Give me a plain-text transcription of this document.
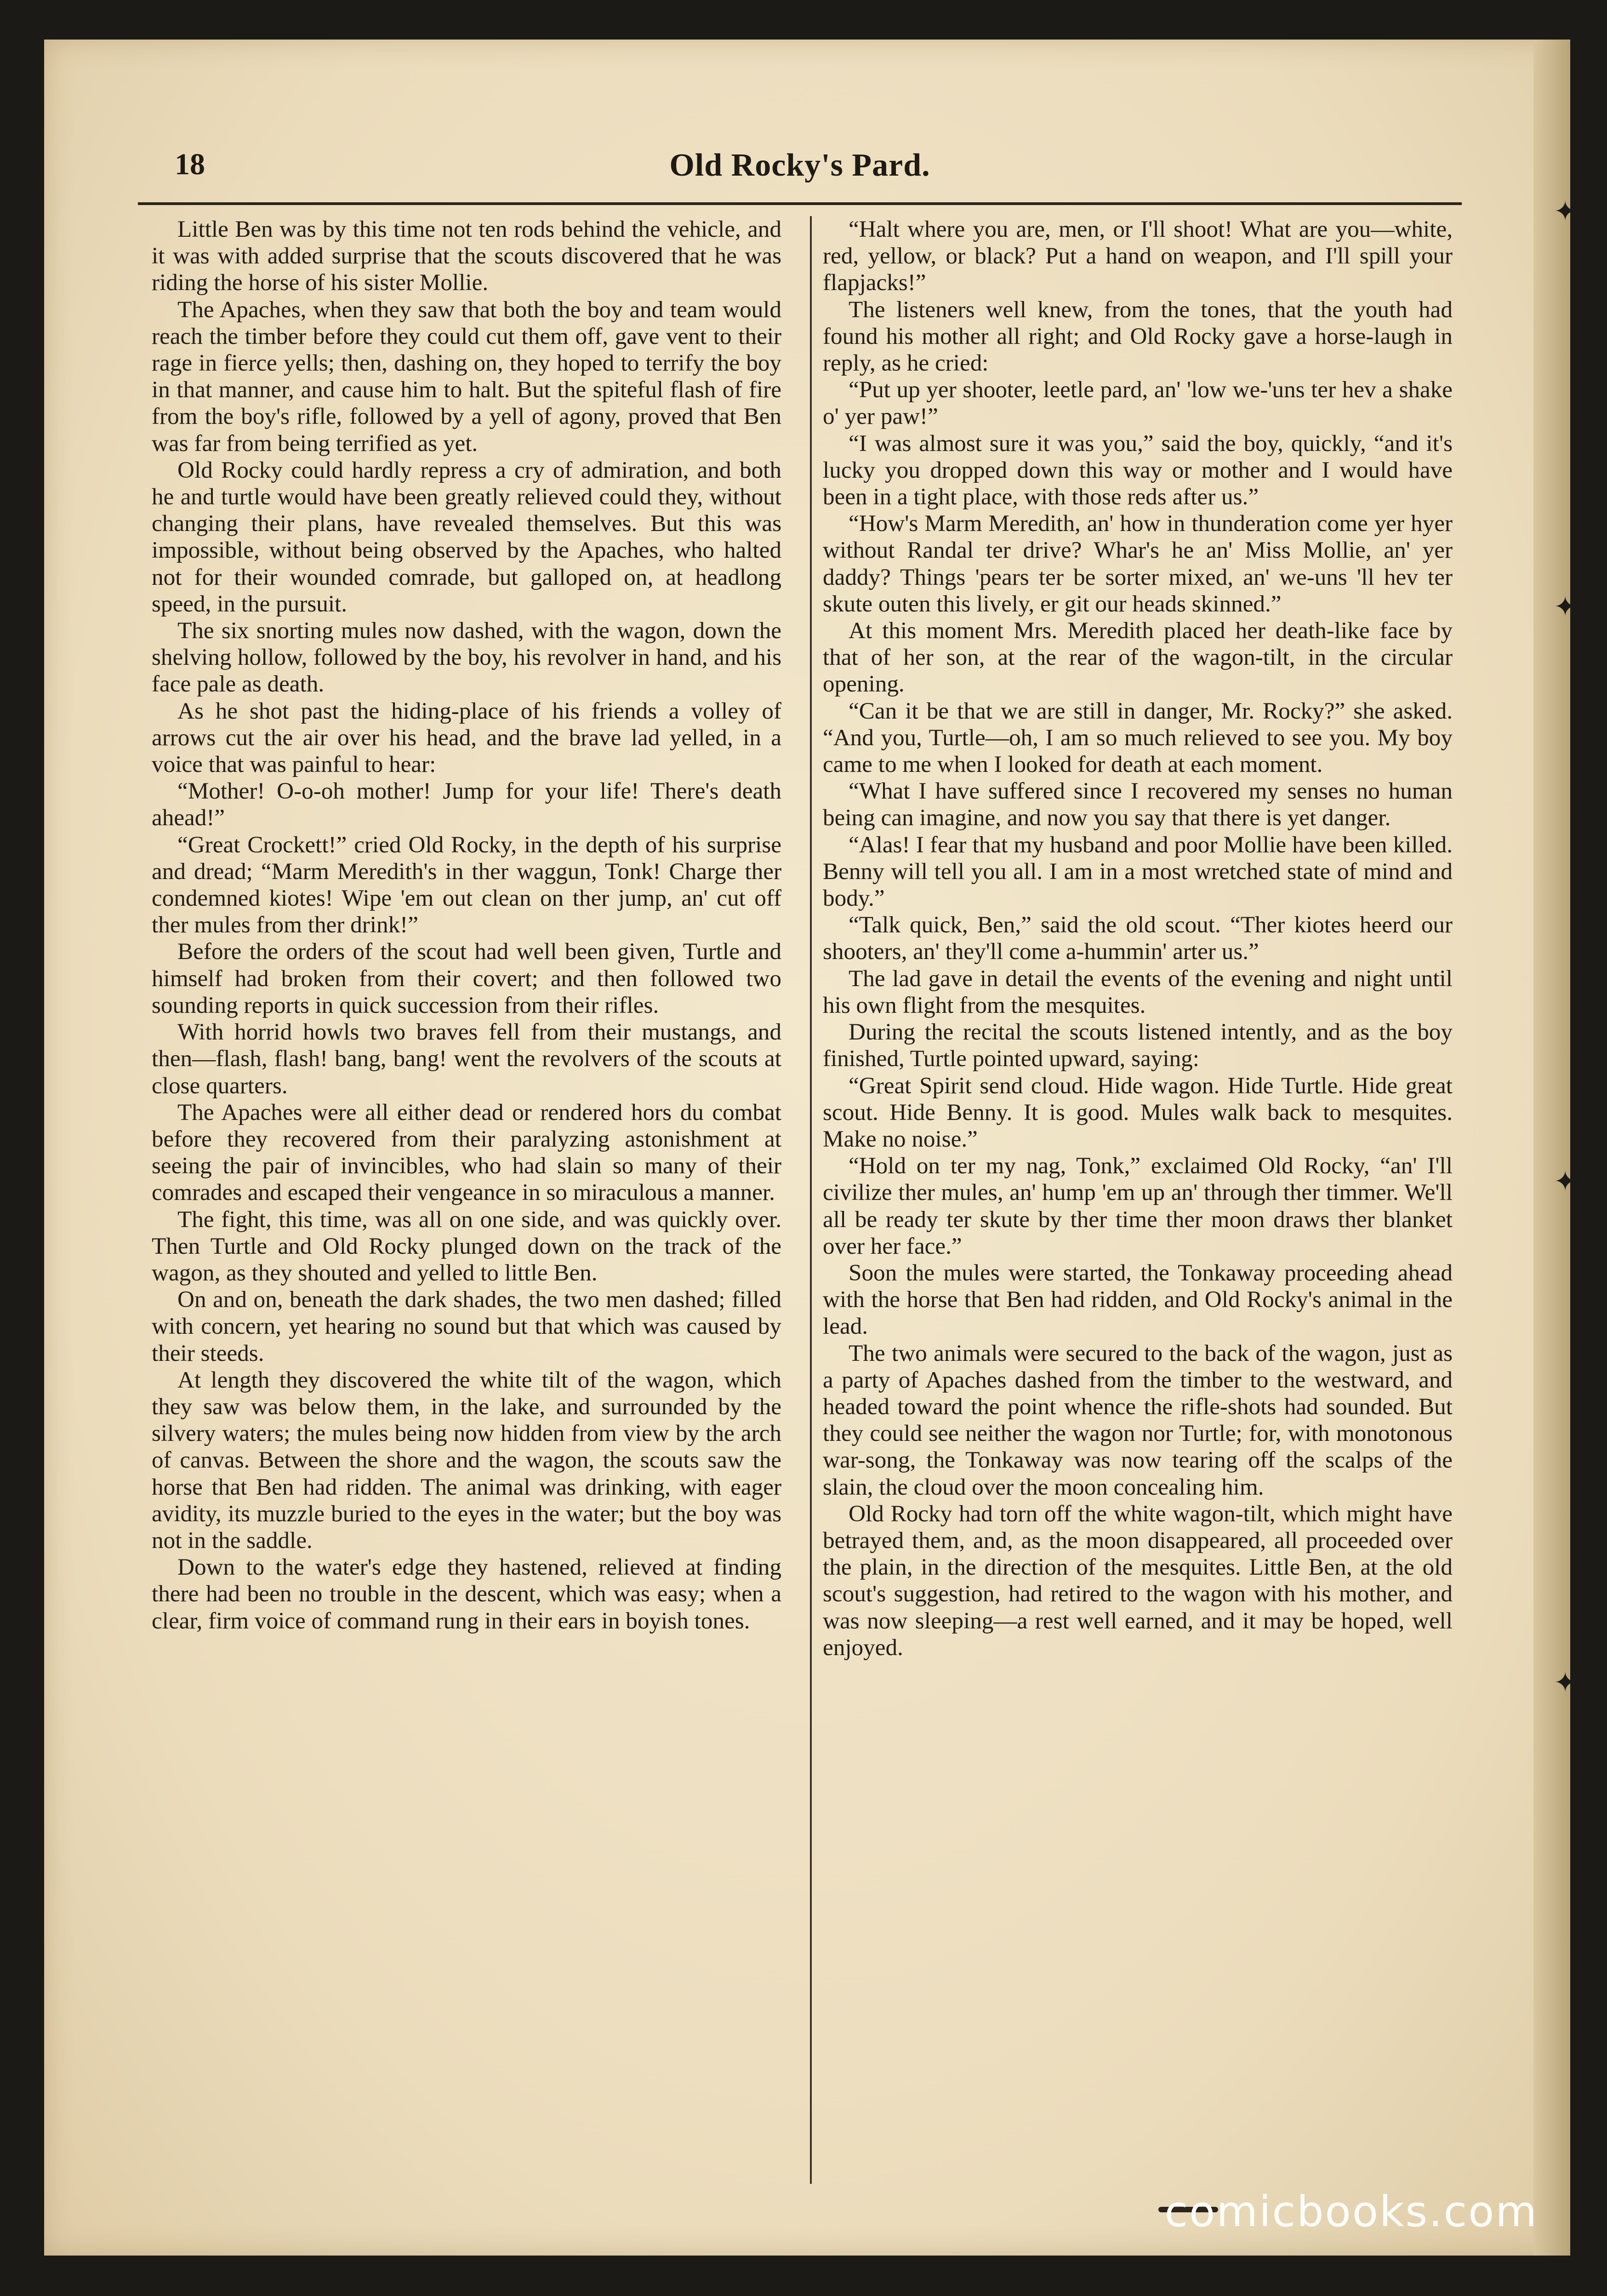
✦
✦
✦
✦
18	Old Rocky's Pard.

Little Ben was by this time not ten rods behind the vehicle, and it was with added surprise that the scouts discovered that he was riding the horse of his sister Mollie.

The Apaches, when they saw that both the boy and team would reach the timber before they could cut them off, gave vent to their rage in fierce yells; then, dashing on, they hoped to terrify the boy in that manner, and cause him to halt. But the spiteful flash of fire from the boy's rifle, followed by a yell of agony, proved that Ben was far from being terrified as yet.

Old Rocky could hardly repress a cry of admiration, and both he and turtle would have been greatly relieved could they, without changing their plans, have revealed themselves. But this was impossible, without being observed by the Apaches, who halted not for their wounded comrade, but galloped on, at headlong speed, in the pursuit.

The six snorting mules now dashed, with the wagon, down the shelving hollow, followed by the boy, his revolver in hand, and his face pale as death.

As he shot past the hiding-place of his friends a volley of arrows cut the air over his head, and the brave lad yelled, in a voice that was painful to hear:

“Mother! O-o-oh mother! Jump for your life! There's death ahead!”

“Great Crockett!” cried Old Rocky, in the depth of his surprise and dread; “Marm Meredith's in ther waggun, Tonk! Charge ther condemned kiotes! Wipe 'em out clean on ther jump, an' cut off ther mules from ther drink!”

Before the orders of the scout had well been given, Turtle and himself had broken from their covert; and then followed two sounding reports in quick succession from their rifles.

With horrid howls two braves fell from their mustangs, and then—flash, flash! bang, bang! went the revolvers of the scouts at close quarters.

The Apaches were all either dead or rendered hors du combat before they recovered from their paralyzing astonishment at seeing the pair of invincibles, who had slain so many of their comrades and escaped their vengeance in so miraculous a manner.

The fight, this time, was all on one side, and was quickly over. Then Turtle and Old Rocky plunged down on the track of the wagon, as they shouted and yelled to little Ben.

On and on, beneath the dark shades, the two men dashed; filled with concern, yet hearing no sound but that which was caused by their steeds.

At length they discovered the white tilt of the wagon, which they saw was below them, in the lake, and surrounded by the silvery waters; the mules being now hidden from view by the arch of canvas. Between the shore and the wagon, the scouts saw the horse that Ben had ridden. The animal was drinking, with eager avidity, its muzzle buried to the eyes in the water; but the boy was not in the saddle.

Down to the water's edge they hastened, relieved at finding there had been no trouble in the descent, which was easy; when a clear, firm voice of command rung in their ears in boyish tones.

“Halt where you are, men, or I'll shoot! What are you—white, red, yellow, or black? Put a hand on weapon, and I'll spill your flapjacks!”

The listeners well knew, from the tones, that the youth had found his mother all right; and Old Rocky gave a horse-laugh in reply, as he cried:

“Put up yer shooter, leetle pard, an' 'low we-'uns ter hev a shake o' yer paw!”

“I was almost sure it was you,” said the boy, quickly, “and it's lucky you dropped down this way or mother and I would have been in a tight place, with those reds after us.”

“How's Marm Meredith, an' how in thunderation come yer hyer without Randal ter drive? Whar's he an' Miss Mollie, an' yer daddy? Things 'pears ter be sorter mixed, an' we-uns 'll hev ter skute outen this lively, er git our heads skinned.”

At this moment Mrs. Meredith placed her death-like face by that of her son, at the rear of the wagon-tilt, in the circular opening.

“Can it be that we are still in danger, Mr. Rocky?” she asked. “And you, Turtle—oh, I am so much relieved to see you. My boy came to me when I looked for death at each moment.

“What I have suffered since I recovered my senses no human being can imagine, and now you say that there is yet danger.

“Alas! I fear that my husband and poor Mollie have been killed. Benny will tell you all. I am in a most wretched state of mind and body.”

“Talk quick, Ben,” said the old scout. “Ther kiotes heerd our shooters, an' they'll come a-hummin' arter us.”

The lad gave in detail the events of the evening and night until his own flight from the mesquites.

During the recital the scouts listened intently, and as the boy finished, Turtle pointed upward, saying:

“Great Spirit send cloud. Hide wagon. Hide Turtle. Hide great scout. Hide Benny. It is good. Mules walk back to mesquites. Make no noise.”

“Hold on ter my nag, Tonk,” exclaimed Old Rocky, “an' I'll civilize ther mules, an' hump 'em up an' through ther timmer. We'll all be ready ter skute by ther time ther moon draws ther blanket over her face.”

Soon the mules were started, the Tonkaway proceeding ahead with the horse that Ben had ridden, and Old Rocky's animal in the lead.

The two animals were secured to the back of the wagon, just as a party of Apaches dashed from the timber to the westward, and headed toward the point whence the rifle-shots had sounded. But they could see neither the wagon nor Turtle; for, with monotonous war-song, the Tonkaway was now tearing off the scalps of the slain, the cloud over the moon concealing him.

Old Rocky had torn off the white wagon-tilt, which might have betrayed them, and, as the moon disappeared, all proceeded over the plain, in the direction of the mesquites. Little Ben, at the old scout's suggestion, had retired to the wagon with his mother, and was now sleeping—a rest well earned, and it may be hoped, well enjoyed.

comicbooks.com
